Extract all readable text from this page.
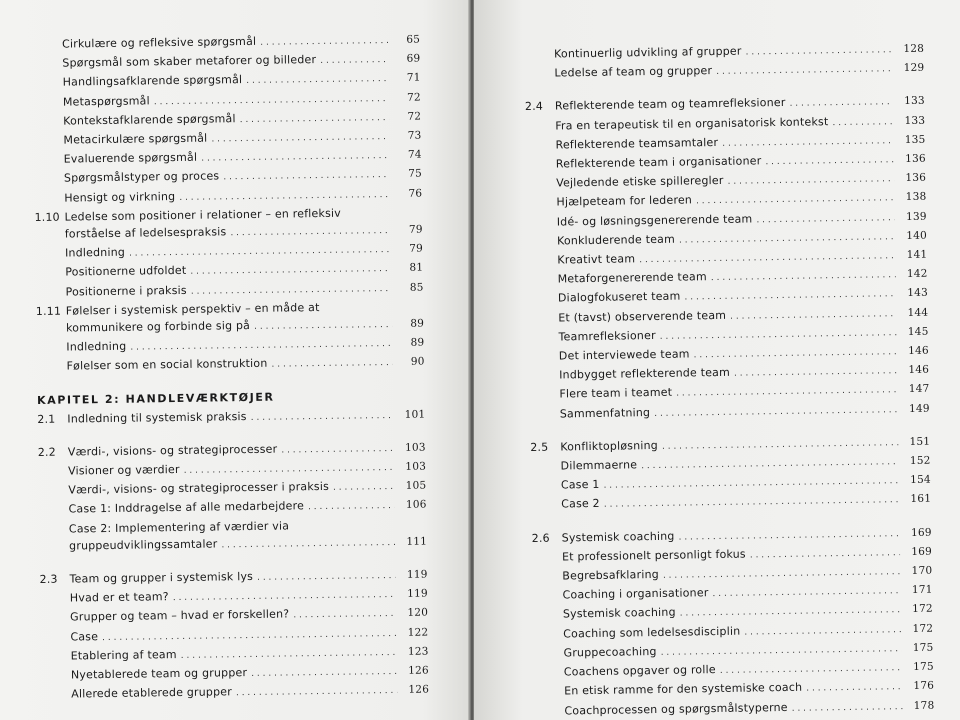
Cirkulære og refleksive spørgsmål . . .	65
Spørgsmål som skaber metaforer og billeder . . .	69
Handlingsafklarende spørgsmål . . .	71
Metaspørgsmål . . .	72
Kontekstafklarende spørgsmål . . .	72
Metacirkulære spørgsmål . . .	73
Evaluerende spørgsmål . . .	74
Spørgsmålstyper og proces . . .	75
Hensigt og virkning . . .	76
1.10 Ledelse som positioner i relationer – en refleksiv
forståelse af ledelsespraksis . . .	79
Indledning . . .	79
Positionerne udfoldet . . .	81
Positionerne i praksis . . .	85
1.11 Følelser i systemisk perspektiv – en måde at
kommunikere og forbinde sig på . . .	89
Indledning . . .	89
Følelser som en social konstruktion . . .	90
KAPITEL 2: HANDLEVÆRKTØJER
2.1 Indledning til systemisk praksis . . .	101
2.2 Værdi-, visions- og strategiprocesser . . .	103
Visioner og værdier . . .	103
Værdi-, visions- og strategiprocesser i praksis . . .	105
Case 1: Inddragelse af alle medarbejdere . . .	106
Case 2: Implementering af værdier via
gruppeudviklingssamtaler . . .	111
2.3 Team og grupper i systemisk lys . . .	119
Hvad er et team? . . .	119
Grupper og team – hvad er forskellen? . . .	120
Case . . .	122
Etablering af team . . .	123
Nyetablerede team og grupper . . .	126
Allerede etablerede grupper . . .	126
Kontinuerlig udvikling af grupper . . .	128
Ledelse af team og grupper . . .	129
2.4 Reflekterende team og teamrefleksioner . . .	133
Fra en terapeutisk til en organisatorisk kontekst . . .	133
Reflekterende teamsamtaler . . .	135
Reflekterende team i organisationer . . .	136
Vejledende etiske spilleregler . . .	136
Hjælpeteam for lederen . . .	138
Idé- og løsningsgenererende team . . .	139
Konkluderende team . . .	140
Kreativt team . . .	141
Metaforgenererende team . . .	142
Dialogfokuseret team . . .	143
Et (tavst) observerende team . . .	144
Teamrefleksioner . . .	145
Det interviewede team . . .	146
Indbygget reflekterende team . . .	146
Flere team i teamet . . .	147
Sammenfatning . . .	149
2.5 Konfliktopløsning . . .	151
Dilemmaerne . . .	152
Case 1 . . .	154
Case 2 . . .	161
2.6 Systemisk coaching . . .	169
Et professionelt personligt fokus . . .	169
Begrebsafklaring . . .	170
Coaching i organisationer . . .	171
Systemisk coaching . . .	172
Coaching som ledelsesdisciplin . . .	172
Gruppecoaching . . .	175
Coachens opgaver og rolle . . .	175
En etisk ramme for den systemiske coach . . .	176
Coachprocessen og spørgsmålstyperne . . .	178
